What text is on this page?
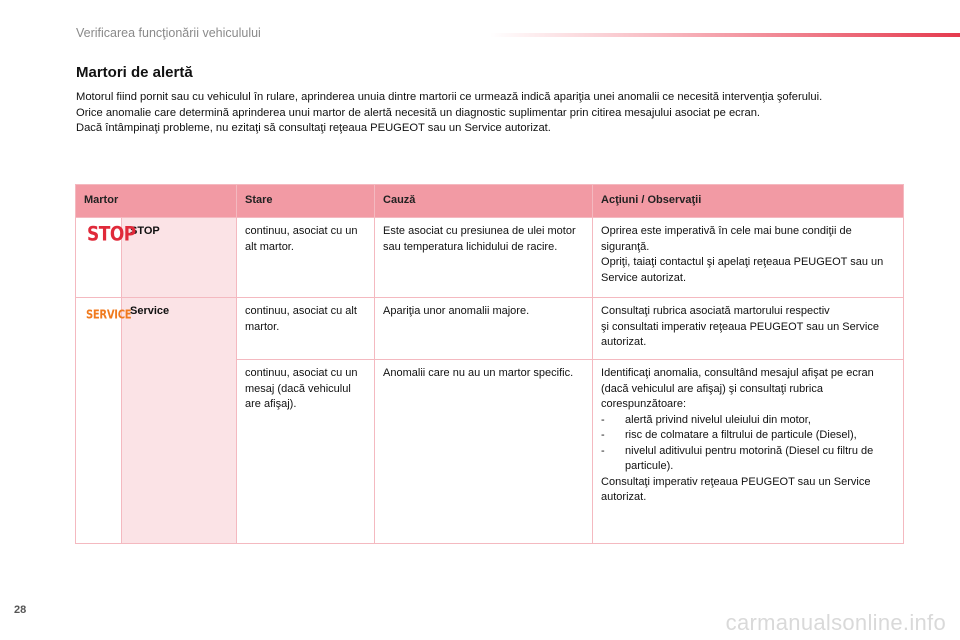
Verificarea funcţionării vehiculului
Martori de alertă

Motorul fiind pornit sau cu vehiculul în rulare, aprinderea unuia dintre martorii ce urmează indică apariţia unei anomalii ce necesită intervenţia şoferului.

Orice anomalie care determină aprinderea unui martor de alertă necesită un diagnostic suplimentar prin citirea mesajului asociat pe ecran.

Dacă întâmpinaţi probleme, nu ezitaţi să consultaţi reţeaua PEUGEOT sau un Service autorizat.

Martor		Stare	Cauză	Acţiuni / Observaţii
STOP	STOP	continuu, asociat cu un alt martor.	Este asociat cu presiunea de ulei motor sau temperatura lichidului de racire.	Oprirea este imperativă în cele mai bune condiţii de siguranţă.
Opriţi, taiaţi contactul şi apelaţi reţeaua PEUGEOT sau un Service autorizat.

SERVICE	Service	continuu, asociat cu alt martor.	Apariţia unor anomalii majore.	Consultaţi rubrica asociată martorului respectiv
şi consultati imperativ reţeaua PEUGEOT sau un Service autorizat.

		continuu, asociat cu un mesaj (dacă vehiculul are afişaj).	Anomalii care nu au un martor specific.	Identificaţi anomalia, consultând mesajul afişat pe ecran (dacă vehiculul are afişaj) şi consultaţi rubrica corespunzătoare:
- alertă privind nivelul uleiului din motor,
- risc de colmatare a filtrului de particule (Diesel),
- nivelul aditivului pentru motorină (Diesel cu filtru de particule).
Consultaţi imperativ reţeaua PEUGEOT sau un Service autorizat.
28	carmanualsonline.info
